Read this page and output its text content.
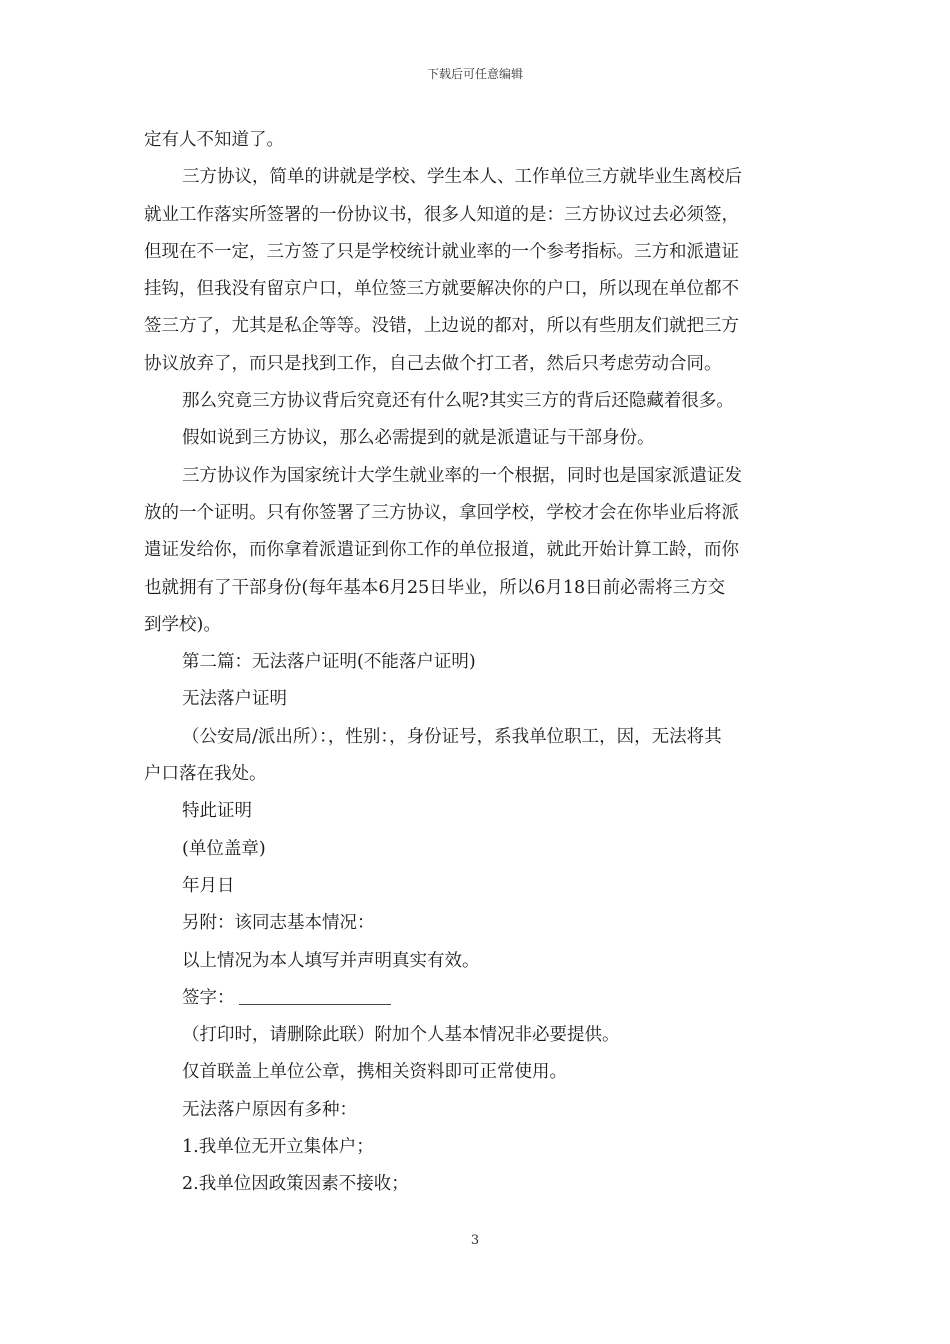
下载后可任意编辑
定有人不知道了。
三方协议，简单的讲就是学校、学生本人、工作单位三方就毕业生离校后
就业工作落实所签署的一份协议书，很多人知道的是：三方协议过去必须签，
但现在不一定，三方签了只是学校统计就业率的一个参考指标。三方和派遣证
挂钩，但我没有留京户口，单位签三方就要解决你的户口，所以现在单位都不
签三方了，尤其是私企等等。没错，上边说的都对，所以有些朋友们就把三方
协议放弃了，而只是找到工作，自己去做个打工者，然后只考虑劳动合同。
那么究竟三方协议背后究竟还有什么呢?其实三方的背后还隐藏着很多。
假如说到三方协议，那么必需提到的就是派遣证与干部身份。
三方协议作为国家统计大学生就业率的一个根据，同时也是国家派遣证发
放的一个证明。只有你签署了三方协议，拿回学校，学校才会在你毕业后将派
遣证发给你，而你拿着派遣证到你工作的单位报道，就此开始计算工龄，而你
也就拥有了干部身份(每年基本6月25日毕业，所以6月18日前必需将三方交
到学校)。
第二篇：无法落户证明(不能落户证明)
无法落户证明
（公安局/派出所）：，性别：，身份证号，系我单位职工，因，无法将其
户口落在我处。
特此证明
(单位盖章)
年月日
另附：该同志基本情况：
以上情况为本人填写并声明真实有效。
签字：
（打印时，请删除此联）附加个人基本情况非必要提供。
仅首联盖上单位公章，携相关资料即可正常使用。
无法落户原因有多种：
1.我单位无开立集体户；
2.我单位因政策因素不接收；
3
